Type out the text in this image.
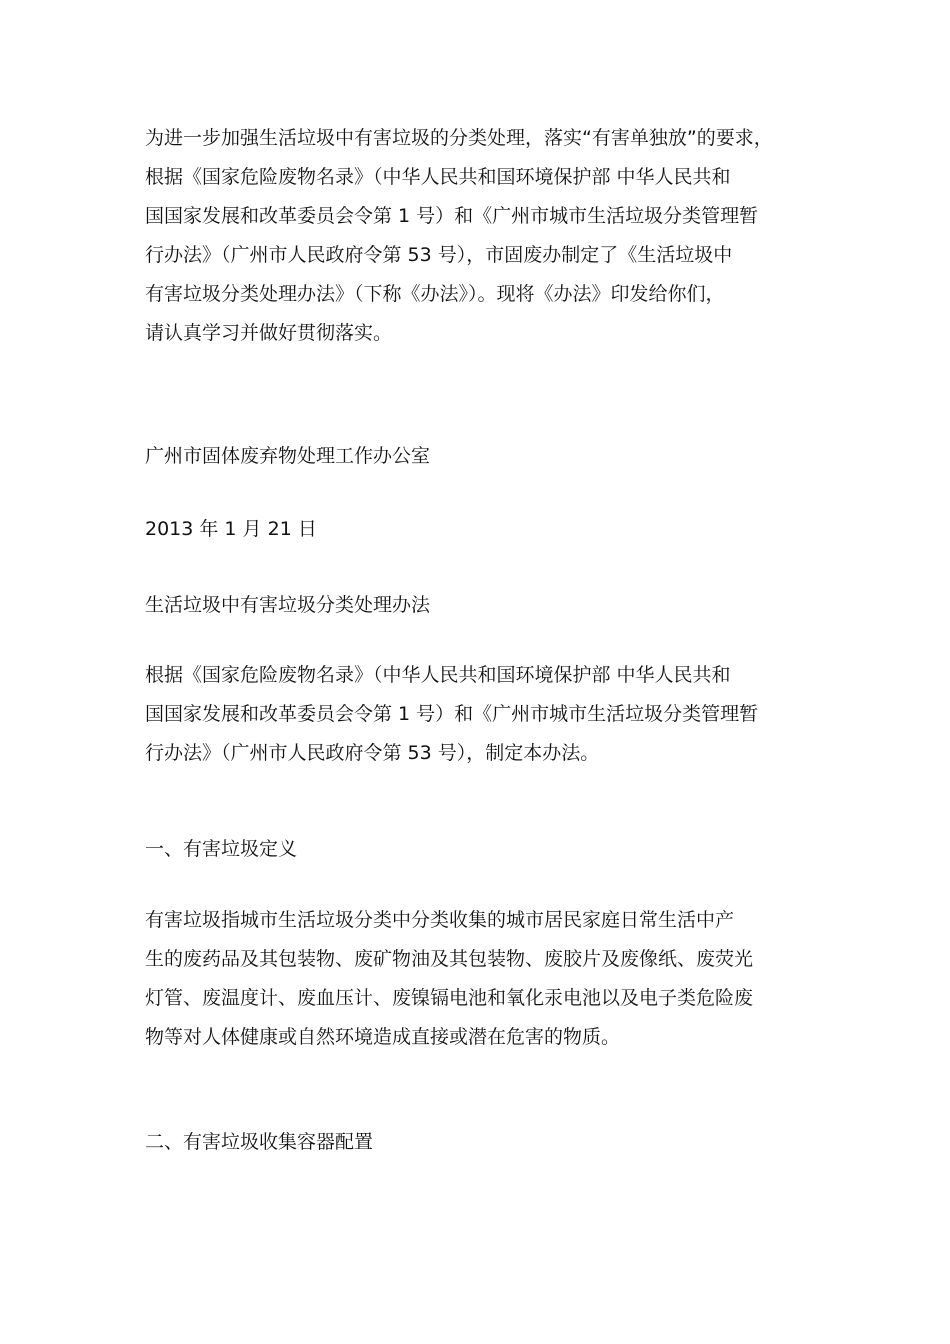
为进一步加强生活垃圾中有害垃圾的分类处理，落实“有害单独放”的要求，
根据《国家危险废物名录》（中华人民共和国环境保护部 中华人民共和
国国家发展和改革委员会令第 1 号）和《广州市城市生活垃圾分类管理暂
行办法》（广州市人民政府令第 53 号），市固废办制定了《生活垃圾中
有害垃圾分类处理办法》（下称《办法》）。现将《办法》印发给你们，
请认真学习并做好贯彻落实。
广州市固体废弃物处理工作办公室
2013 年 1 月 21 日
生活垃圾中有害垃圾分类处理办法
根据《国家危险废物名录》（中华人民共和国环境保护部 中华人民共和
国国家发展和改革委员会令第 1 号）和《广州市城市生活垃圾分类管理暂
行办法》（广州市人民政府令第 53 号），制定本办法。
一、有害垃圾定义
有害垃圾指城市生活垃圾分类中分类收集的城市居民家庭日常生活中产
生的废药品及其包装物、废矿物油及其包装物、废胶片及废像纸、废荧光
灯管、废温度计、废血压计、废镍镉电池和氧化汞电池以及电子类危险废
物等对人体健康或自然环境造成直接或潜在危害的物质。
二、有害垃圾收集容器配置
